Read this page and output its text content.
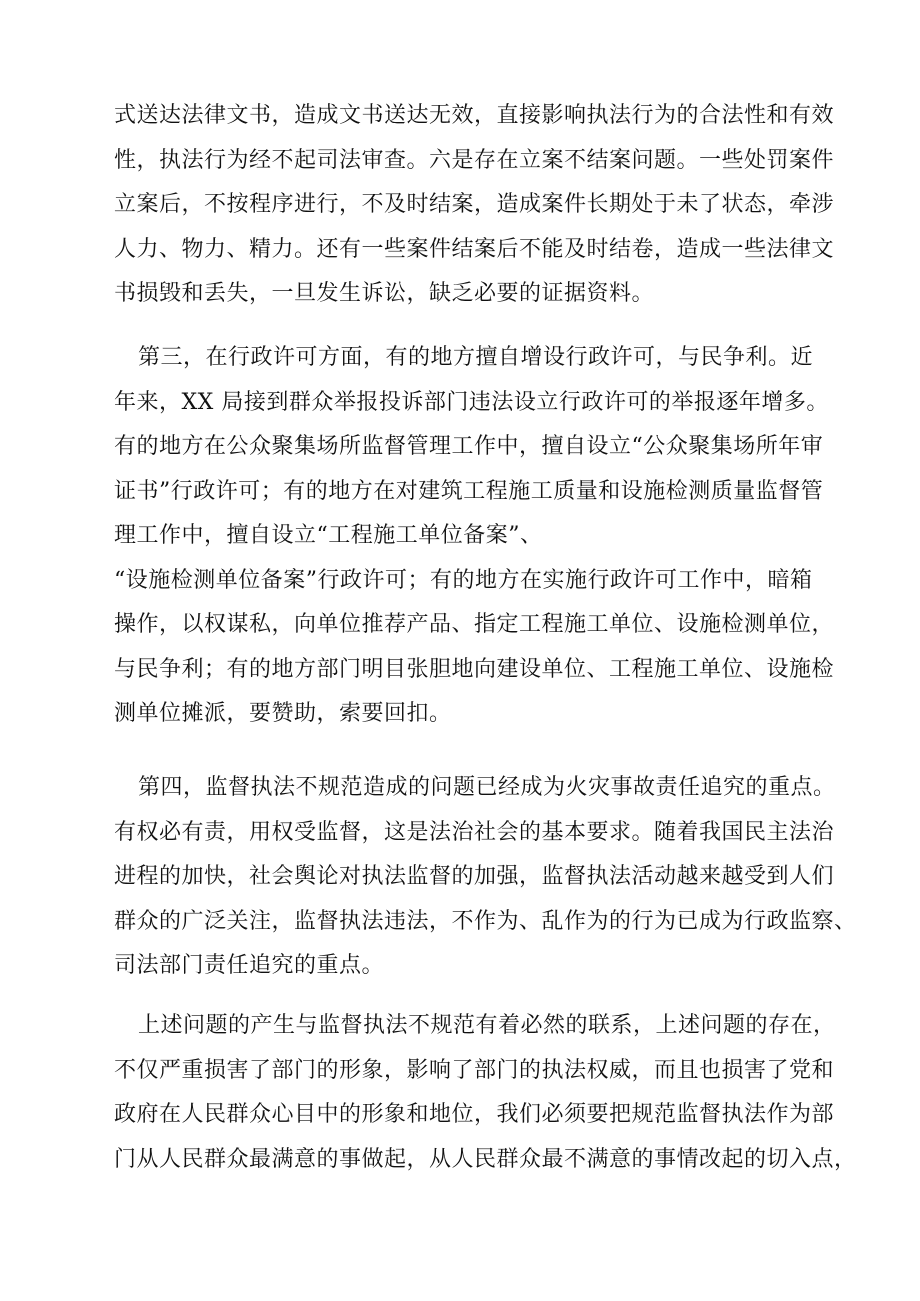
式送达法律文书，造成文书送达无效，直接影响执法行为的合法性和有效
性，执法行为经不起司法审查。六是存在立案不结案问题。一些处罚案件
立案后，不按程序进行，不及时结案，造成案件长期处于未了状态，牵涉
人力、物力、精力。还有一些案件结案后不能及时结卷，造成一些法律文
书损毁和丢失，一旦发生诉讼，缺乏必要的证据资料。
第三，在行政许可方面，有的地方擅自增设行政许可，与民争利。近
年来，XX 局接到群众举报投诉部门违法设立行政许可的举报逐年增多。
有的地方在公众聚集场所监督管理工作中，擅自设立“公众聚集场所年审
证书”行政许可；有的地方在对建筑工程施工质量和设施检测质量监督管
理工作中，擅自设立“工程施工单位备案”、
“设施检测单位备案”行政许可；有的地方在实施行政许可工作中，暗箱
操作，以权谋私，向单位推荐产品、指定工程施工单位、设施检测单位，
与民争利；有的地方部门明目张胆地向建设单位、工程施工单位、设施检
测单位摊派，要赞助，索要回扣。
第四，监督执法不规范造成的问题已经成为火灾事故责任追究的重点。
有权必有责，用权受监督，这是法治社会的基本要求。随着我国民主法治
进程的加快，社会舆论对执法监督的加强，监督执法活动越来越受到人们
群众的广泛关注，监督执法违法，不作为、乱作为的行为已成为行政监察、
司法部门责任追究的重点。
上述问题的产生与监督执法不规范有着必然的联系，上述问题的存在，
不仅严重损害了部门的形象，影响了部门的执法权威，而且也损害了党和
政府在人民群众心目中的形象和地位，我们必须要把规范监督执法作为部
门从人民群众最满意的事做起，从人民群众最不满意的事情改起的切入点，
